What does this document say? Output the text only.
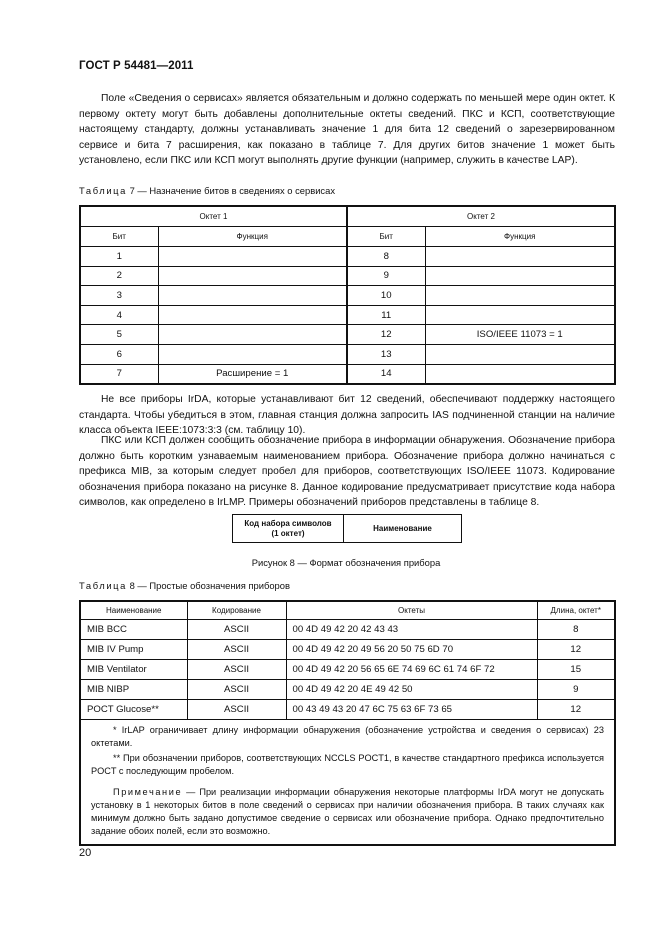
ГОСТ Р 54481—2011

Поле «Сведения о сервисах» является обязательным и должно содержать по меньшей мере один октет. К первому октету могут быть добавлены дополнительные октеты сведений. ПКС и КСП, соответствующие настоящему стандарту, должны устанавливать значение 1 для бита 12 сведений о зарезервированном сервисе и бита 7 расширения, как показано в таблице 7. Для других битов значение 1 может быть установлено, если ПКС или КСП могут выполнять другие функции (например, служить в качестве LAP).

Таблица 7 — Назначение битов в сведениях о сервисах
Октет 1		Октет 2	
Бит	Функция	Бит	Функция
1		8	
2		9	
3		10	
4		11	
5		12	ISO/IEEE 11073 = 1
6		13	
7	Расширение = 1	14	

Не все приборы IrDA, которые устанавливают бит 12 сведений, обеспечивают поддержку настоящего стандарта. Чтобы убедиться в этом, главная станция должна запросить IAS подчиненной станции на наличие класса объекта IEEE:1073:3:3 (см. таблицу 10).

ПКС или КСП должен сообщить обозначение прибора в информации обнаружения. Обозначение прибора должно быть коротким узнаваемым наименованием прибора. Обозначение прибора должно начинаться с префикса MIB, за которым следует пробел для приборов, соответствующих ISO/IEEE 11073. Кодирование обозначения прибора показано на рисунке 8. Данное кодирование предусматривает присутствие кода набора символов, как определено в IrLMP. Примеры обозначений приборов представлены в таблице 8.

Код набора символов
(1 октет)
Наименование
Рисунок 8 — Формат обозначения прибора
Таблица 8 — Простые обозначения приборов
Наименование	Кодирование	Октеты	Длина, октет*
MIB BCC	ASCII	00 4D 49 42 20 42 43 43	8
MIB IV Pump	ASCII	00 4D 49 42 20 49 56 20 50 75 6D 70	12
MIB Ventilator	ASCII	00 4D 49 42 20 56 65 6E 74 69 6C 61 74 6F 72	15
MIB NIBP	ASCII	00 4D 49 42 20 4E 49 42 50	9
POCT Glucose**	ASCII	00 43 49 43 20 47 6C 75 63 6F 73 65	12

* IrLAP ограничивает длину информации обнаружения (обозначение устройства и сведения о сервисах) 23 октетами.

** При обозначении приборов, соответствующих NCCLS POCT1, в качестве стандартного префикса используется POCT с последующим пробелом.

Примечание — При реализации информации обнаружения некоторые платформы IrDA могут не допускать установку в 1 некоторых битов в поле сведений о сервисах при наличии обозначения прибора. В таких случаях как минимум должно быть задано допустимое сведение о сервисах или обозначение прибора. Однако предпочтительно задание обоих полей, если это возможно.			

20
